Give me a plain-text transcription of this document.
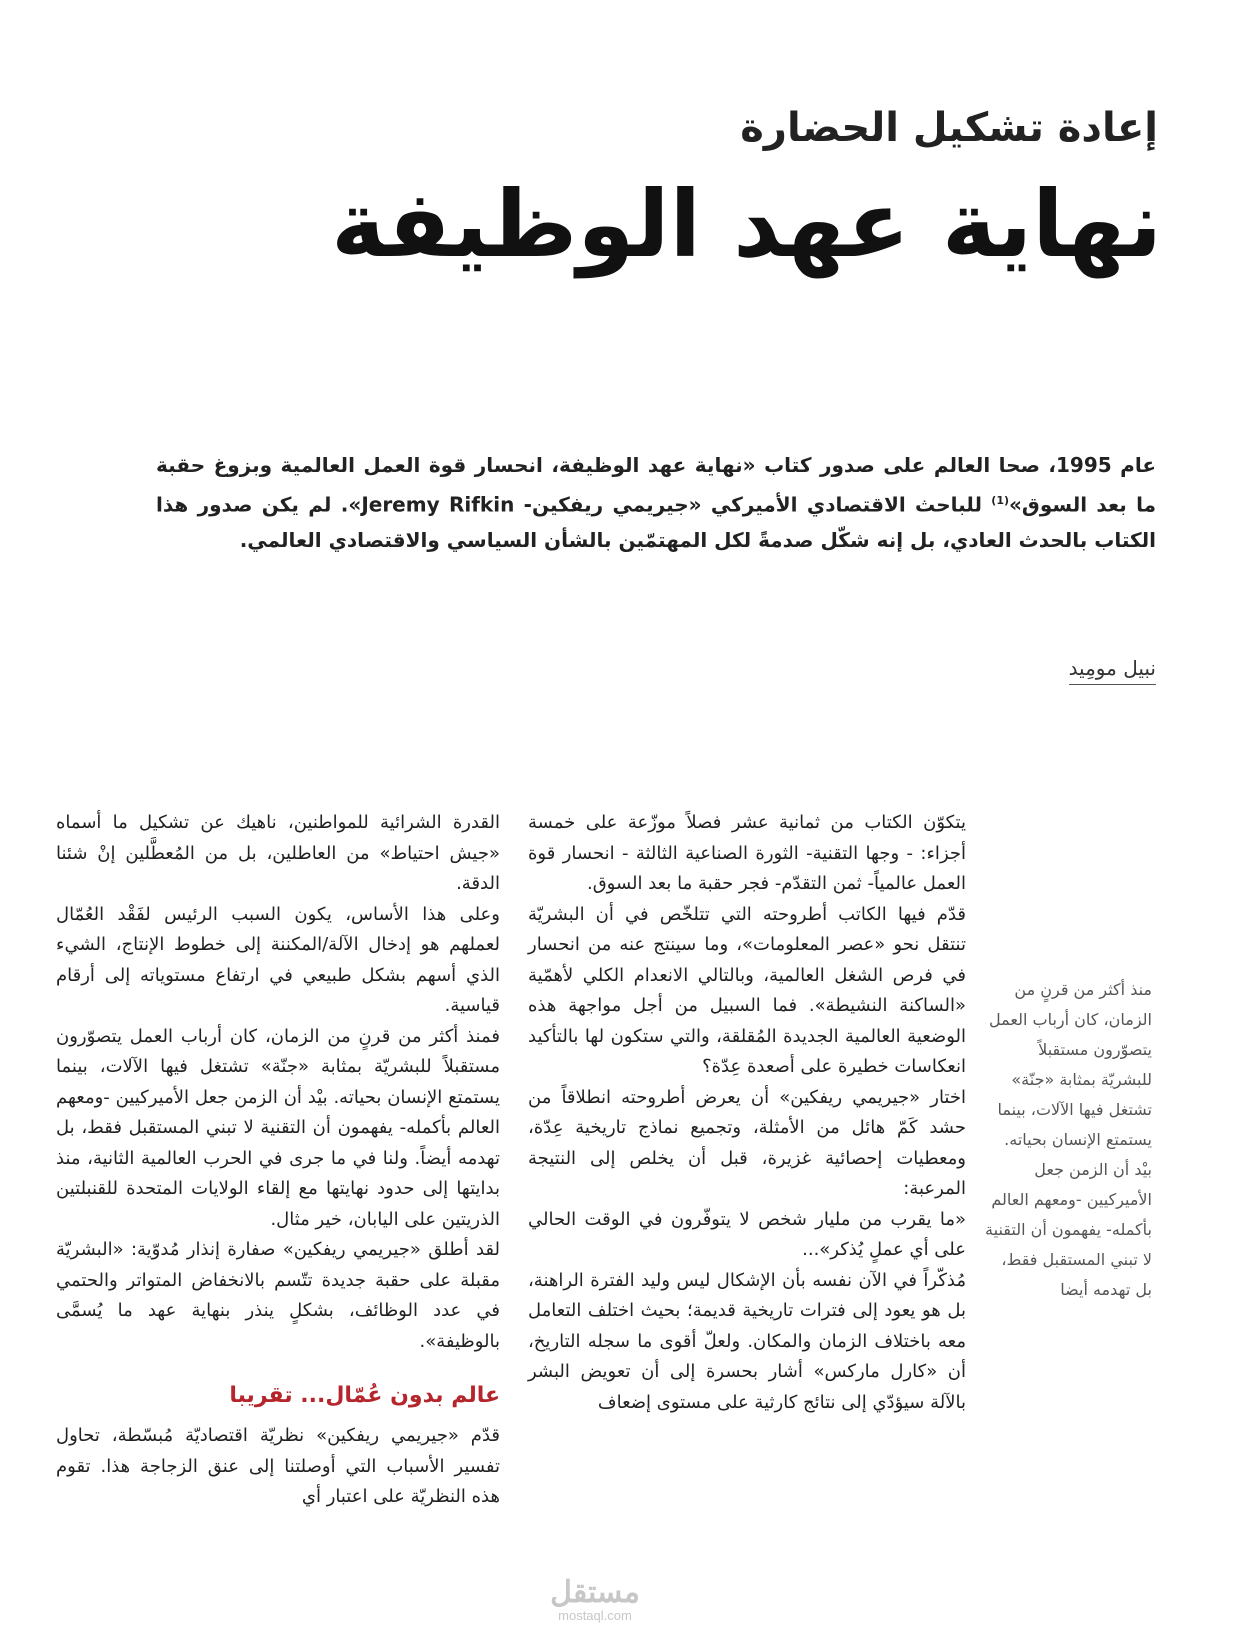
إعادة تشكيل الحضارة
نهاية عهد الوظيفة
عام 1995، صحا العالم على صدور كتاب «نهاية عهد الوظيفة، انحسار قوة العمل العالمية وبزوغ حقبة ما بعد السوق»$^{(1)}$ للباحث الاقتصادي الأميركي «جيريمي ريفكين- Jeremy Rifkin». لم يكن صدور هذا الكتاب بالحدث العادي، بل إنه شكّل صدمةً لكل المهتمّين بالشأن السياسي والاقتصادي العالمي.
نبيل مومِيد

يتكوّن الكتاب من ثمانية عشر فصلاً موزّعة على خمسة أجزاء: - وجها التقنية- الثورة الصناعية الثالثة - انحسار قوة العمل عالمياً- ثمن التقدّم- فجر حقبة ما بعد السوق.

قدّم فيها الكاتب أطروحته التي تتلخّص في أن البشريّة تنتقل نحو «عصر المعلومات»، وما سينتج عنه من انحسار في فرص الشغل العالمية، وبالتالي الانعدام الكلي لأهمّية «الساكنة النشيطة». فما السبيل من أجل مواجهة هذه الوضعية العالمية الجديدة المُقلقة، والتي ستكون لها بالتأكيد انعكاسات خطيرة على أصعدة عِدّة؟

اختار «جيريمي ريفكين» أن يعرض أطروحته انطلاقاً من حشد كَمّ هائل من الأمثلة، وتجميع نماذج تاريخية عِدّة، ومعطيات إحصائية غزيرة، قبل أن يخلص إلى النتيجة المرعبة:

«ما يقرب من مليار شخص لا يتوفّرون في الوقت الحالي على أي عملٍ يُذكر»...

مُذكّراً في الآن نفسه بأن الإشكال ليس وليد الفترة الراهنة، بل هو يعود إلى فترات تاريخية قديمة؛ بحيث اختلف التعامل معه باختلاف الزمان والمكان. ولعلّ أقوى ما سجله التاريخ، أن «كارل ماركس» أشار بحسرة إلى أن تعويض البشر بالآلة سيؤدّي إلى نتائج كارثية على مستوى إضعاف

القدرة الشرائية للمواطنين، ناهيك عن تشكيل ما أسماه «جيش احتياط» من العاطلين، بل من المُعطَّلين إنْ شئنا الدقة.

وعلى هذا الأساس، يكون السبب الرئيس لفَقْد العُمّال لعملهم هو إدخال الآلة/المكننة إلى خطوط الإنتاج، الشيء الذي أسهم بشكل طبيعي في ارتفاع مستوياته إلى أرقام قياسية.

فمنذ أكثر من قرنٍ من الزمان، كان أرباب العمل يتصوّرون مستقبلاً للبشريّة بمثابة «جنّة» تشتغل فيها الآلات، بينما يستمتع الإنسان بحياته. بيْد أن الزمن جعل الأميركيين -ومعهم العالم بأكمله- يفهمون أن التقنية لا تبني المستقبل فقط، بل تهدمه أيضاً. ولنا في ما جرى في الحرب العالمية الثانية، منذ بدايتها إلى حدود نهايتها مع إلقاء الولايات المتحدة للقنبلتين الذريتين على اليابان، خير مثال.

لقد أطلق «جيريمي ريفكين» صفارة إنذار مُدوّية: «البشريّة مقبلة على حقبة جديدة تتّسم بالانخفاض المتواتر والحتمي في عدد الوظائف، بشكلٍ ينذر بنهاية عهد ما يُسمَّى بالوظيفة».

عالم بدون عُمّال... تقريبا

قدّم «جيريمي ريفكين» نظريّة اقتصاديّة مُبسّطة، تحاول تفسير الأسباب التي أوصلتنا إلى عنق الزجاجة هذا. تقوم هذه النظريّة على اعتبار أي

منذ أكثر من قرنٍ من الزمان، كان أرباب العمل يتصوّرون مستقبلاً للبشريّة بمثابة «جنّة» تشتغل فيها الآلات، بينما يستمتع الإنسان بحياته. بيْد أن الزمن جعل الأميركيين -ومعهم العالم بأكمله- يفهمون أن التقنية لا تبني المستقبل فقط، بل تهدمه أيضا
مستقل
mostaql.com
